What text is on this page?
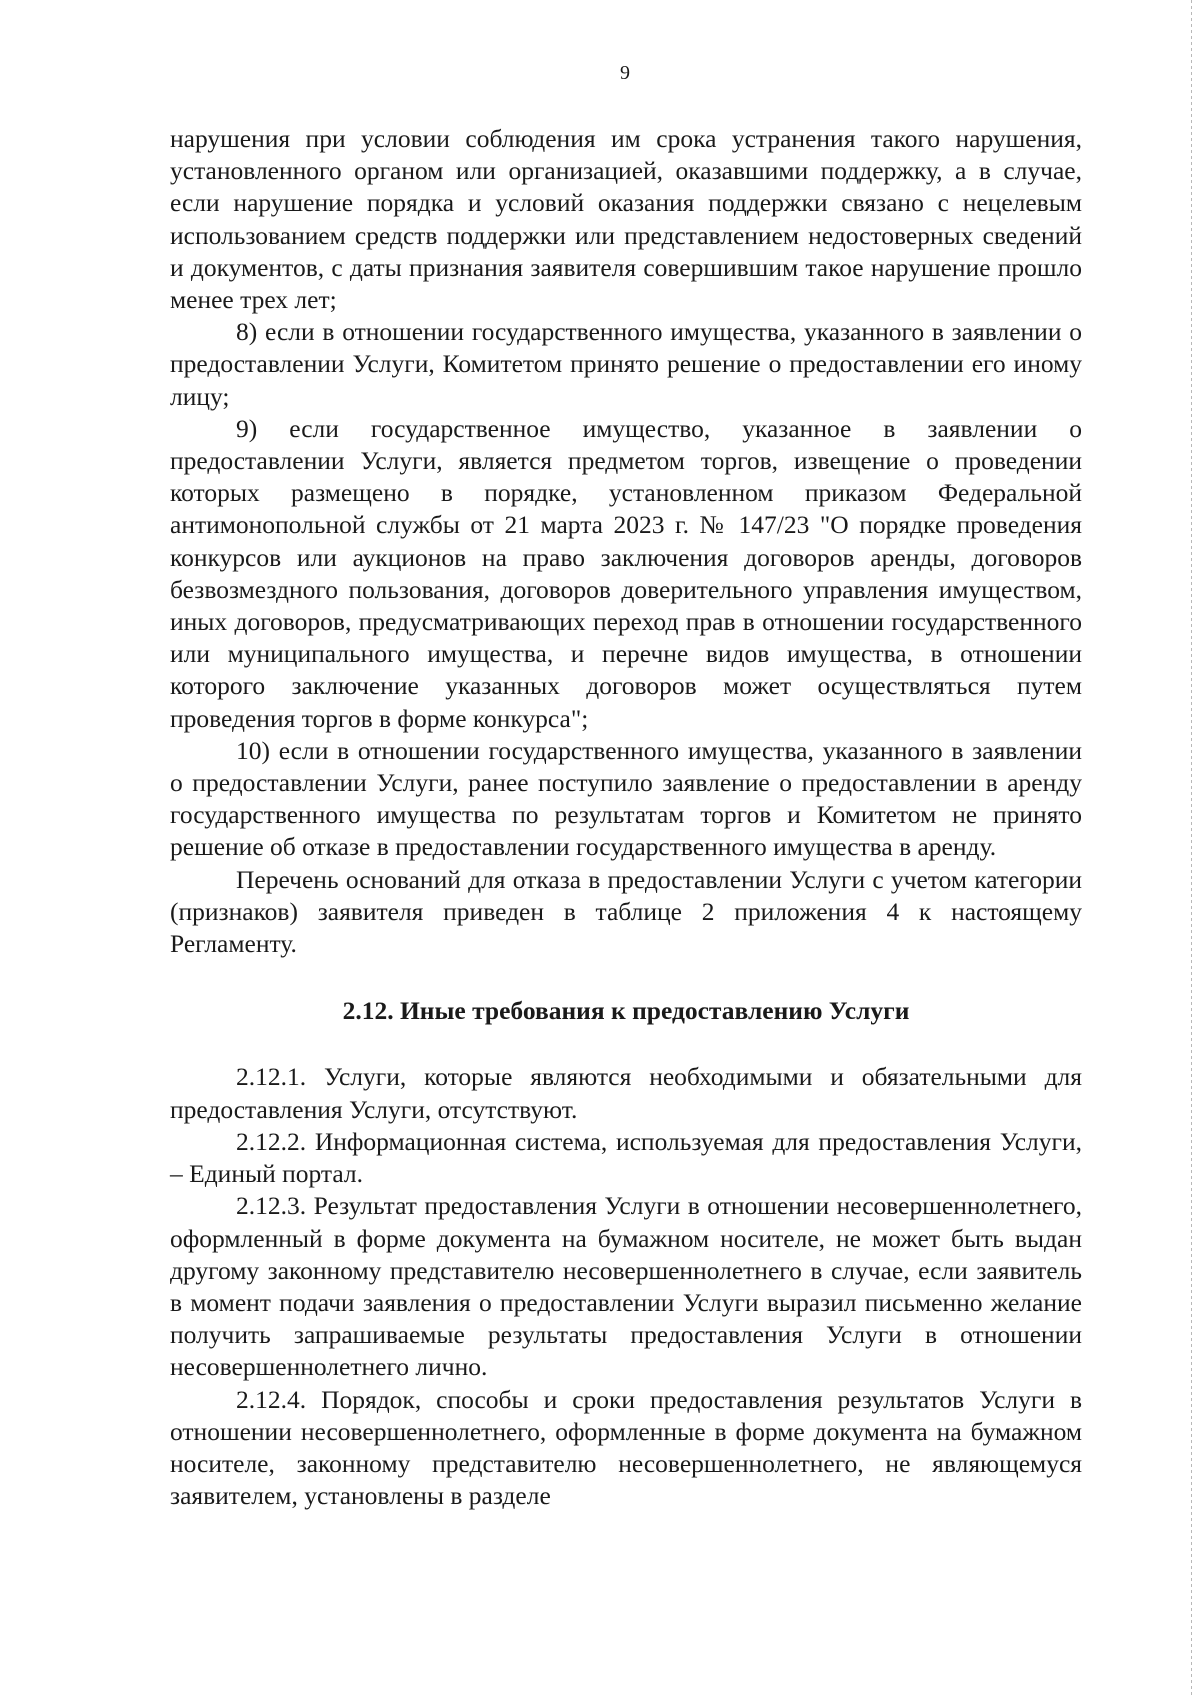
9

нарушения при условии соблюдения им срока устранения такого нарушения, установленного органом или организацией, оказавшими поддержку, а в случае, если нарушение порядка и условий оказания поддержки связано с нецелевым использованием средств поддержки или представлением недостоверных сведений и документов, с даты признания заявителя совершившим такое нарушение прошло менее трех лет;

8) если в отношении государственного имущества, указанного в заявлении о предоставлении Услуги, Комитетом принято решение о предоставлении его иному лицу;

9) если государственное имущество, указанное в заявлении о предоставлении Услуги, является предметом торгов, извещение о проведении которых размещено в порядке, установленном приказом Федеральной антимонопольной службы от 21 марта 2023 г. № 147/23 "О порядке проведения конкурсов или аукционов на право заключения договоров аренды, договоров безвозмездного пользования, договоров доверительного управления имуществом, иных договоров, предусматривающих переход прав в отношении государственного или муниципального имущества, и перечне видов имущества, в отношении которого заключение указанных договоров может осуществляться путем проведения торгов в форме конкурса";

10) если в отношении государственного имущества, указанного в заявлении о предоставлении Услуги, ранее поступило заявление о предоставлении в аренду государственного имущества по результатам торгов и Комитетом не принято решение об отказе в предоставлении государственного имущества в аренду.

Перечень оснований для отказа в предоставлении Услуги с учетом категории (признаков) заявителя приведен в таблице 2 приложения 4 к настоящему Регламенту.

2.12. Иные требования к предоставлению Услуги

2.12.1. Услуги, которые являются необходимыми и обязательными для предоставления Услуги, отсутствуют.

2.12.2. Информационная система, используемая для предоставления Услуги, – Единый портал.

2.12.3. Результат предоставления Услуги в отношении несовершеннолетнего, оформленный в форме документа на бумажном носителе, не может быть выдан другому законному представителю несовершеннолетнего в случае, если заявитель в момент подачи заявления о предоставлении Услуги выразил письменно желание получить запрашиваемые результаты предоставления Услуги в отношении несовершеннолетнего лично.

2.12.4. Порядок, способы и сроки предоставления результатов Услуги в отношении несовершеннолетнего, оформленные в форме документа на бумажном носителе, законному представителю несовершеннолетнего, не являющемуся заявителем, установлены в разделе
